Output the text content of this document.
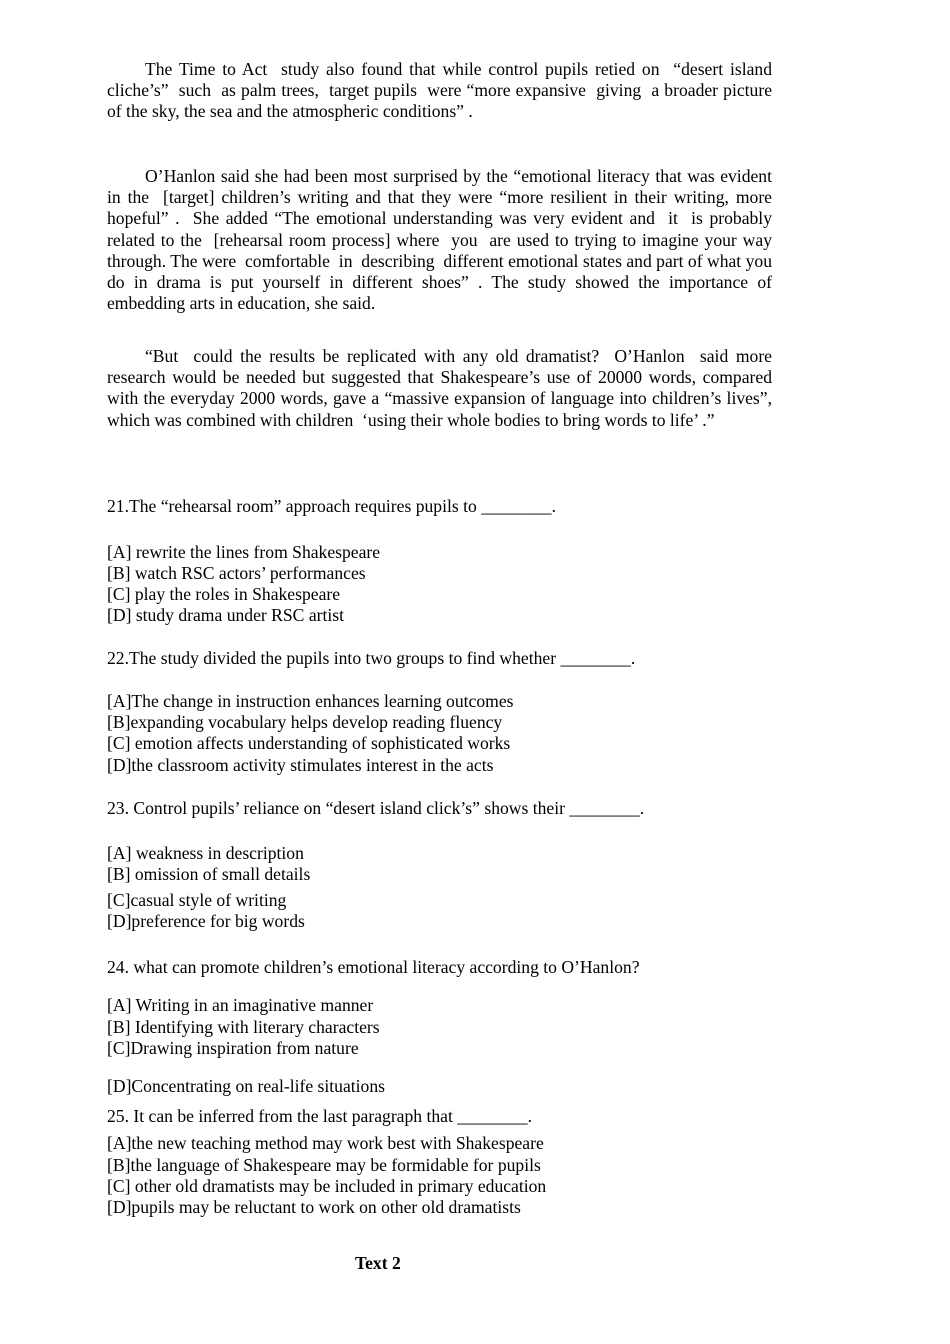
The Time to Act  study also found that while control pupils retied on  “desert island  cliche’s”  such  as palm trees,  target pupils  were “more expansive  giving  a broader picture of the sky, the sea and the atmospheric conditions” .

O’Hanlon said she had been most surprised by the “emotional literacy that was evident in the  [target] children’s writing and that they were “more resilient in their writing, more hopeful” .  She added “The emotional understanding was very evident and  it  is probably related to the  [rehearsal room process] where  you  are used to trying to imagine your way through. The were  comfortable  in  describing  different emotional states and part of what you do in drama is put yourself in different shoes” . The study showed the importance of embedding arts in education, she said.

“But  could the results be replicated with any old dramatist?  O’Hanlon  said more research would be needed but suggested that Shakespeare’s use of 20000 words, compared with the everyday 2000 words, gave a “massive expansion of language into children’s lives”, which was combined with children  ‘using their whole bodies to bring words to life’ .”

21.The “rehearsal room” approach requires pupils to ________.

[A] rewrite the lines from Shakespeare

[B] watch RSC actors’ performances

[C] play the roles in Shakespeare

[D] study drama under RSC artist

22.The study divided the pupils into two groups to find whether ________.

[A]The change in instruction enhances learning outcomes

[B]expanding vocabulary helps develop reading fluency

[C] emotion affects understanding of sophisticated works

[D]the classroom activity stimulates interest in the acts

23. Control pupils’ reliance on “desert island click’s” shows their ________.

[A] weakness in description

[B] omission of small details

[C]casual style of writing

[D]preference for big words

24. what can promote children’s emotional literacy according to O’Hanlon?

[A] Writing in an imaginative manner

[B] Identifying with literary characters

[C]Drawing inspiration from nature

[D]Concentrating on real-life situations

25. It can be inferred from the last paragraph that ________.

[A]the new teaching method may work best with Shakespeare

[B]the language of Shakespeare may be formidable for pupils

[C] other old dramatists may be included in primary education

[D]pupils may be reluctant to work on other old dramatists

Text 2
